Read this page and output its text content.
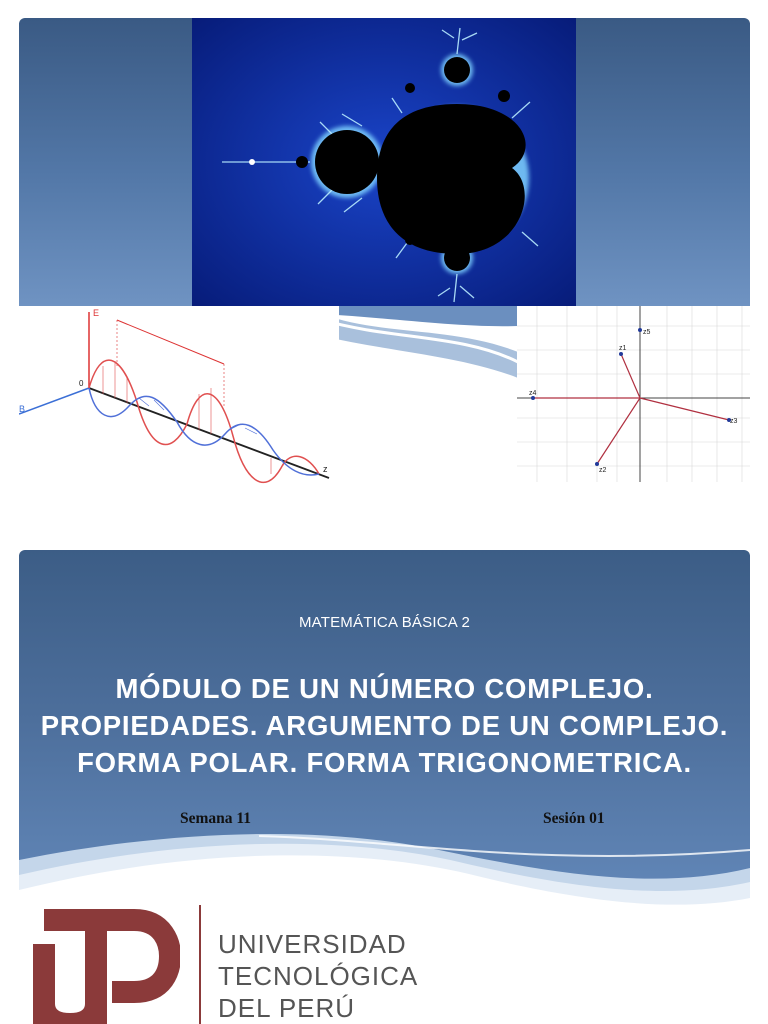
E
B
0
z
z1
z2
z3
z4
z5
MATEMÁTICA BÁSICA 2
MÓDULO DE UN NÚMERO COMPLEJO.
PROPIEDADES. ARGUMENTO DE UN COMPLEJO.
FORMA POLAR. FORMA TRIGONOMETRICA.
Semana 11	Sesión 01
UNIVERSIDAD
TECNOLÓGICA
DEL PERÚ
